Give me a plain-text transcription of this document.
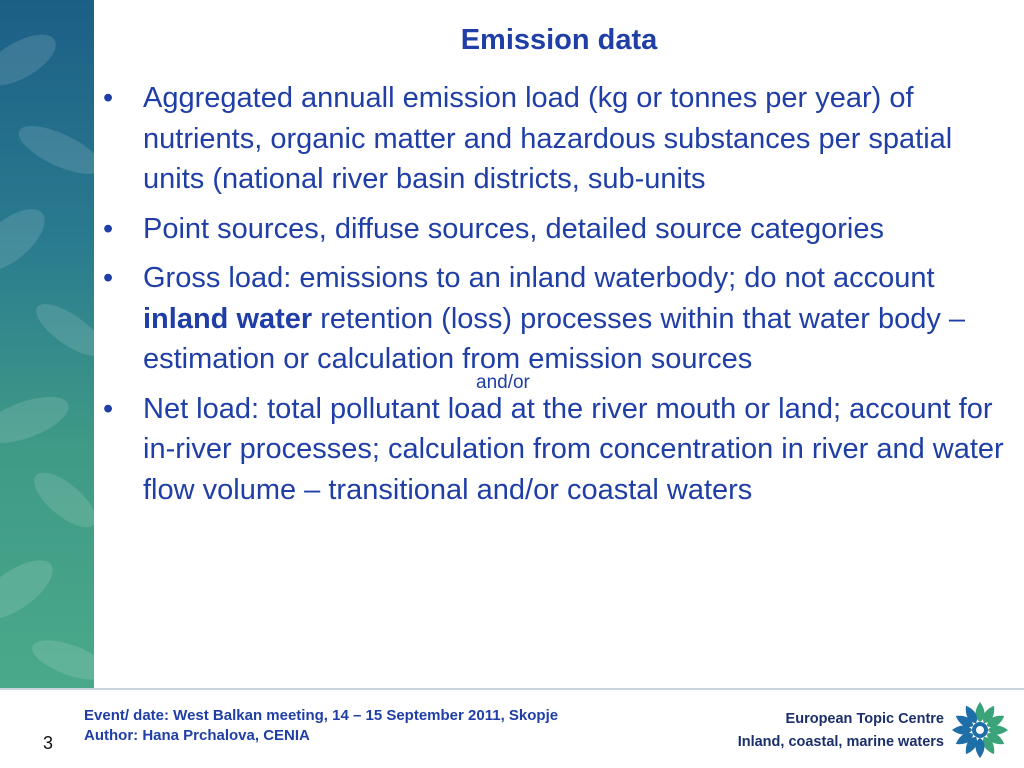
Emission data
• Aggregated annuall emission load (kg or tonnes per year) of nutrients, organic matter and hazardous substances per spatial units (national river basin districts, sub-units
• Point sources, diffuse sources, detailed source categories
• Gross load: emissions to an inland waterbody; do not account inland water retention (loss) processes within that water body – estimation or calculation from emission sources
• Net load: total pollutant load at the river mouth or land; account for in-river processes; calculation from concentration in river and water flow volume – transitional and/or coastal waters
and/or
3
Event/ date: West Balkan meeting, 14 – 15 September 2011, Skopje
Author: Hana Prchalova, CENIA
European Topic Centre
Inland, coastal, marine waters
